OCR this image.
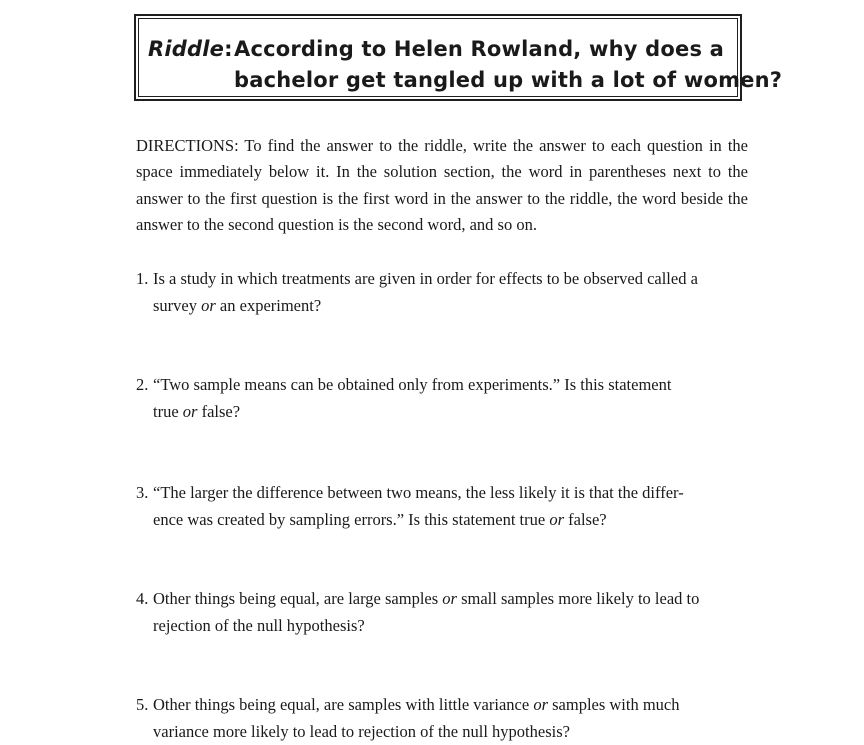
Riddle: According to Helen Rowland, why does a
bachelor get tangled up with a lot of women?

DIRECTIONS: To find the answer to the riddle, write the answer to each question in the space immediately below it. In the solution section, the word in parentheses next to the answer to the first question is the first word in the answer to the riddle, the word beside the answer to the second question is the second word, and so on.

1. Is a study in which treatments are given in order for effects to be observed called a
survey or an experiment?
2. “Two sample means can be obtained only from experiments.” Is this statement
true or false?
3. “The larger the difference between two means, the less likely it is that the differ-
ence was created by sampling errors.” Is this statement true or false?
4. Other things being equal, are large samples or small samples more likely to lead to
rejection of the null hypothesis?
5. Other things being equal, are samples with little variance or samples with much
variance more likely to lead to rejection of the null hypothesis?
